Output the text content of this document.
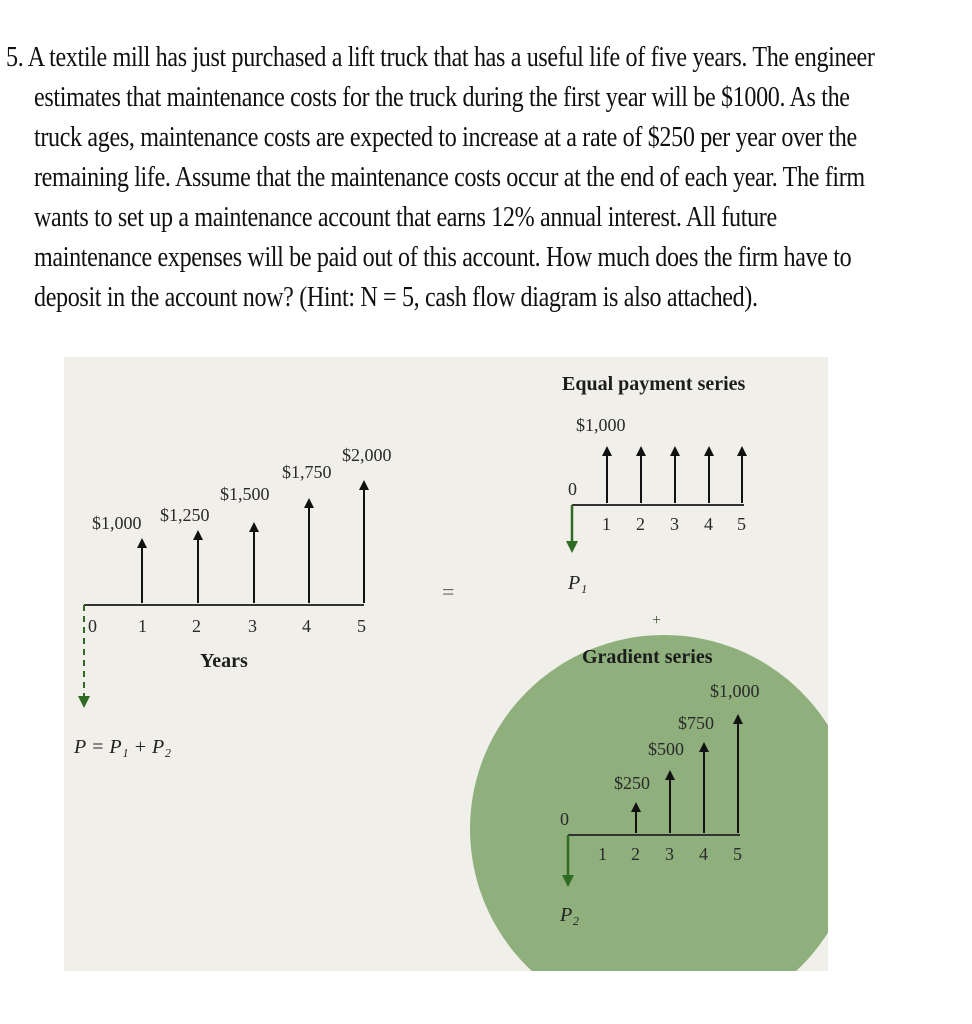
5. A textile mill has just purchased a lift truck that has a useful life of five years. The engineer
estimates that maintenance costs for the truck during the first year will be $1000. As the
truck ages, maintenance costs are expected to increase at a rate of $250 per year over the
remaining life. Assume that the maintenance costs occur at the end of each year. The firm
wants to set up a maintenance account that earns 12% annual interest. All future
maintenance expenses will be paid out of this account. How much does the firm have to
deposit in the account now? (Hint: N = 5, cash flow diagram is also attached).
$1,000 $1,250
$1,500
$1,750
$2,000
0 1	2	3	4	5
Years
P = P₁ + P₂
=
Equal payment series
$1,000
0
1 2 3 4 5
P₁
+
Gradient series
$1,000
$750
$500
$250
0
1 2 3 4 5
P₂
